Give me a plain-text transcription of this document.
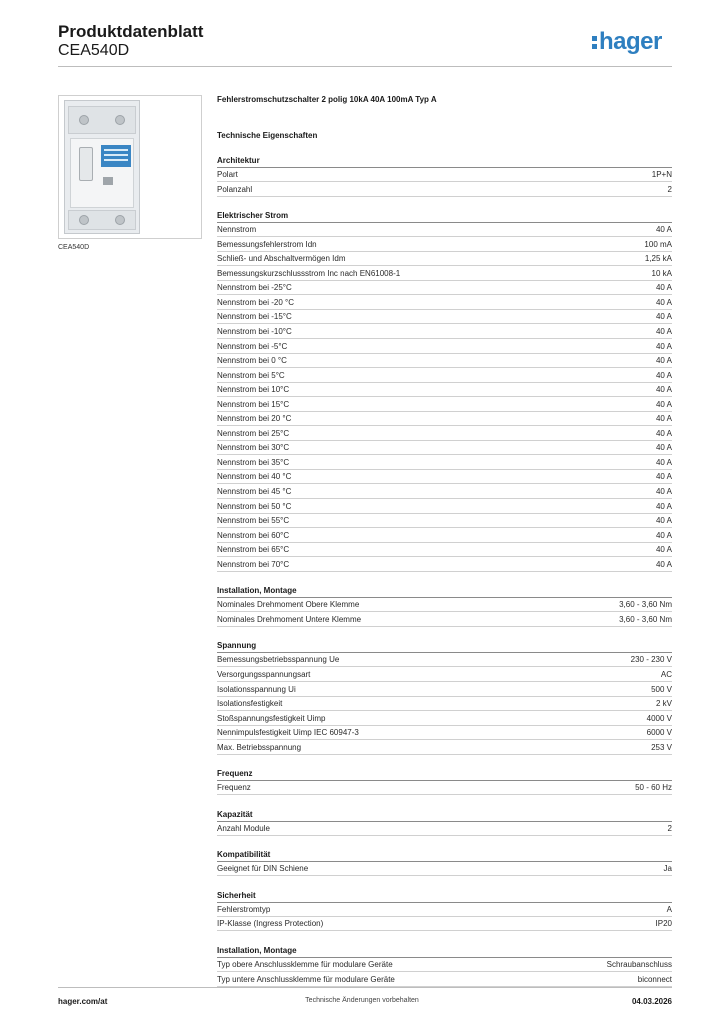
Produktdatenblatt
CEA540D	hager
CEA540D
Fehlerstromschutzschalter 2 polig 10kA 40A 100mA Typ A
Technische Eigenschaften
Architektur
Polart	1P+N
Polanzahl	2
Elektrischer Strom
Nennstrom	40 A
Bemessungsfehlerstrom Idn	100 mA
Schließ- und Abschaltvermögen Idm	1,25 kA
Bemessungskurzschlussstrom Inc nach EN61008-1	10 kA
Nennstrom bei -25°C	40 A
Nennstrom bei -20 °C	40 A
Nennstrom bei -15°C	40 A
Nennstrom bei -10°C	40 A
Nennstrom bei -5°C	40 A
Nennstrom bei 0 °C	40 A
Nennstrom bei 5°C	40 A
Nennstrom bei 10°C	40 A
Nennstrom bei 15°C	40 A
Nennstrom bei 20 °C	40 A
Nennstrom bei 25°C	40 A
Nennstrom bei 30°C	40 A
Nennstrom bei 35°C	40 A
Nennstrom bei 40 °C	40 A
Nennstrom bei 45 °C	40 A
Nennstrom bei 50 °C	40 A
Nennstrom bei 55°C	40 A
Nennstrom bei 60°C	40 A
Nennstrom bei 65°C	40 A
Nennstrom bei 70°C	40 A
Installation, Montage
Nominales Drehmoment Obere Klemme	3,60 - 3,60 Nm
Nominales Drehmoment Untere Klemme	3,60 - 3,60 Nm
Spannung
Bemessungsbetriebsspannung Ue	230 - 230 V
Versorgungsspannungsart	AC
Isolationsspannung Ui	500 V
Isolationsfestigkeit	2 kV
Stoßspannungsfestigkeit Uimp	4000 V
Nennimpulsfestigkeit Uimp IEC 60947-3	6000 V
Max. Betriebsspannung	253 V
Frequenz
Frequenz	50 - 60 Hz
Kapazität
Anzahl Module	2
Kompatibilität
Geeignet für DIN Schiene	Ja
Sicherheit
Fehlerstromtyp	A
IP-Klasse (Ingress Protection)	IP20
Installation, Montage
Typ obere Anschlussklemme für modulare Geräte	Schraubanschluss
Typ untere Anschlussklemme für modulare Geräte	biconnect
hager.com/at	Technische Änderungen vorbehalten	04.03.2026
